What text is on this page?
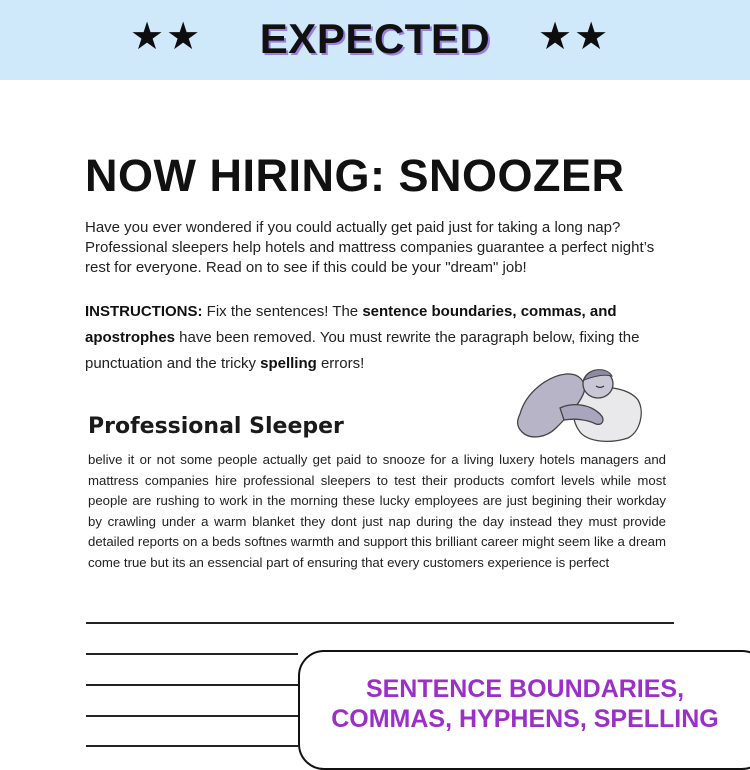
★★	EXPECTED	★★
NOW HIRING: SNOOZER

Have you ever wondered if you could actually get paid just for taking a long nap? Professional sleepers help hotels and mattress companies guarantee a perfect night’s rest for everyone. Read on to see if this could be your "dream" job!

INSTRUCTIONS: Fix the sentences! The sentence boundaries, commas, and apostrophes have been removed. You must rewrite the paragraph below, fixing the punctuation and the tricky spelling errors!

Professional Sleeper

belive it or not some people actually get paid to snooze for a living luxery hotels managers and mattress companies hire professional sleepers to test their products comfort levels while most people are rushing to work in the morning these lucky employees are just begining their workday by crawling under a warm blanket they dont just nap during the day instead they must provide detailed reports on a beds softnes warmth and support this brilliant career might seem like a dream come true but its an essencial part of ensuring that every customers experience is perfect

SENTENCE BOUNDARIES,
COMMAS, HYPHENS, SPELLING
